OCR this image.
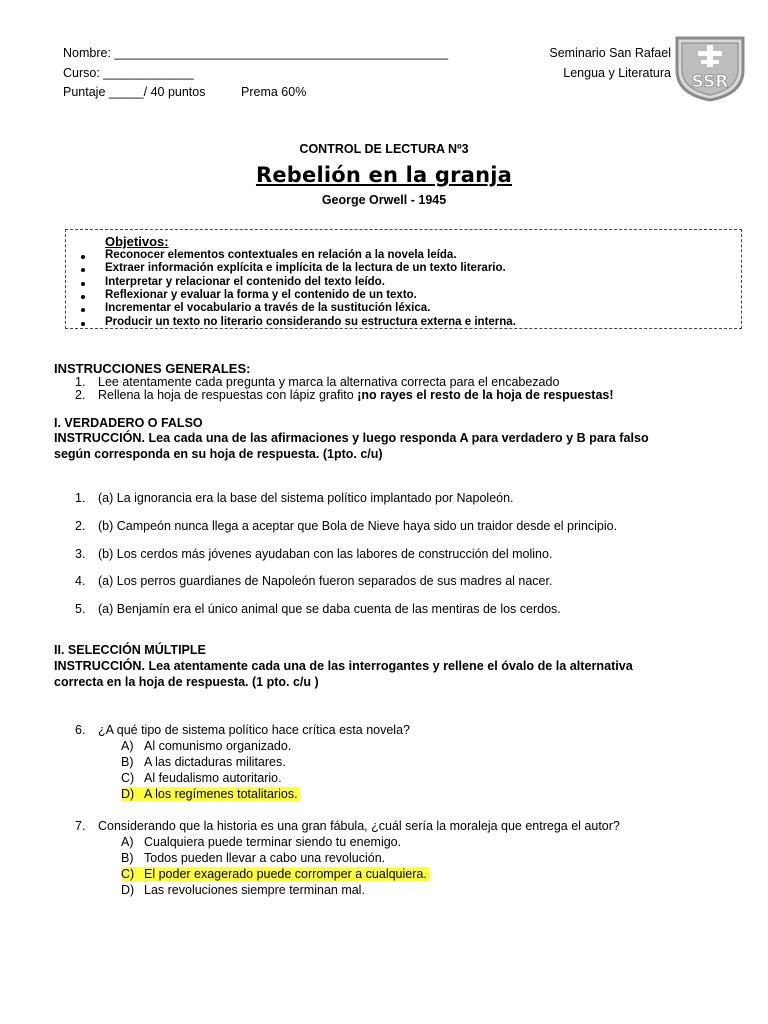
Nombre: ________________________________________________
Curso: _____________
Puntaje _____/ 40 puntos	Prema 60%
Seminario San Rafael
Lengua y Literatura SSR
CONTROL DE LECTURA Nº3
Rebelión en la granja
George Orwell - 1945
Objetivos:
Reconocer elementos contextuales en relación a la novela leída.
Extraer información explícita e implícita de la lectura de un texto literario.
Interpretar y relacionar el contenido del texto leído.
Reflexionar y evaluar la forma y el contenido de un texto.
Incrementar el vocabulario a través de la sustitución léxica.
Producir un texto no literario considerando su estructura externa e interna.
INSTRUCCIONES GENERALES:
1. Lee atentamente cada pregunta y marca la alternativa correcta para el encabezado
2. Rellena la hoja de respuestas con lápiz grafito ¡no rayes el resto de la hoja de respuestas!
I. VERDADERO O FALSO
INSTRUCCIÓN. Lea cada una de las afirmaciones y luego responda A para verdadero y B para falso
según corresponda en su hoja de respuesta. (1pto. c/u)
1. (a) La ignorancia era la base del sistema político implantado por Napoleón.
2. (b) Campeón nunca llega a aceptar que Bola de Nieve haya sido un traidor desde el principio.
3. (b) Los cerdos más jóvenes ayudaban con las labores de construcción del molino.
4. (a) Los perros guardianes de Napoleón fueron separados de sus madres al nacer.
5. (a) Benjamín era el único animal que se daba cuenta de las mentiras de los cerdos.
II. SELECCIÓN MÚLTIPLE
INSTRUCCIÓN. Lea atentamente cada una de las interrogantes y rellene el óvalo de la alternativa
correcta en la hoja de respuesta. (1 pto. c/u )
6. ¿A qué tipo de sistema político hace crítica esta novela?
A) Al comunismo organizado.
B) A las dictaduras militares.
C) Al feudalismo autoritario.
D) A los regímenes totalitarios.
7. Considerando que la historia es una gran fábula, ¿cuál sería la moraleja que entrega el autor?
A) Cualquiera puede terminar siendo tu enemigo.
B) Todos pueden llevar a cabo una revolución.
C) El poder exagerado puede corromper a cualquiera.
D) Las revoluciones siempre terminan mal.
